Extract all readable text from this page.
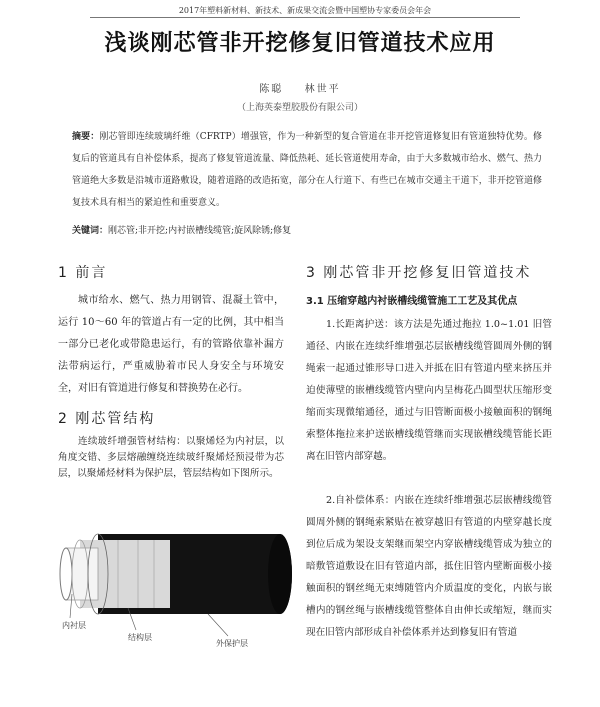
2017年塑料新材料、新技术、新成果交流会暨中国塑协专家委员会年会
浅谈刚芯管非开挖修复旧管道技术应用
陈聪 林世平
（上海英泰塑胶股份有限公司）
摘要：刚芯管即连续玻璃纤维（CFRTP）增强管，作为一种新型的复合管道在非开挖管道修复旧有管道独特优势。修复后的管道具有自补偿体系，提高了修复管道流量、降低热耗、延长管道使用寿命，由于大多数城市给水、燃气、热力管道绝大多数是沿城市道路敷设，随着道路的改造拓宽，部分在人行道下、有些已在城市交通主干道下，非开挖管道修复技术具有相当的紧迫性和重要意义。
关键词：刚芯管;非开挖;内衬嵌槽线缆管;旋风除锈;修复
1 前言
城市给水、燃气、热力用钢管、混凝土管中，运行 10～60 年的管道占有一定的比例，其中相当一部分已老化或带隐患运行，有的管路依靠补漏方法带病运行，严重威胁着市民人身安全与环境安全，对旧有管道进行修复和替换势在必行。
2 刚芯管结构
连续玻纤增强管材结构：以聚烯烃为内衬层，以角度交错、多层熔融缠绕连续玻纤聚烯烃预浸带为芯层，以聚烯烃材料为保护层，管层结构如下图所示。
内衬层
结构层
外保护层
3 刚芯管非开挖修复旧管道技术
3.1 压缩穿越内衬嵌槽线缆管施工工艺及其优点
1.长距离护送：该方法是先通过拖拉 1.0~1.01 旧管通径、内嵌在连续纤维增强芯层嵌槽线缆管圆周外侧的钢绳索一起通过锥形导口进入并抵在旧有管道内壁来挤压并迫使薄壁的嵌槽线缆管内壁向内呈梅花凸圆型状压缩形变缩而实现微缩通径，通过与旧管断面极小接触面积的钢绳索整体拖拉来护送嵌槽线缆管继而实现嵌槽线缆管能长距离在旧管内部穿越。
2.自补偿体系：内嵌在连续纤维增强芯层嵌槽线缆管圆周外侧的钢绳索紧贴在被穿越旧有管道的内壁穿越长度到位后成为架设支架继而架空内穿嵌槽线缆管成为独立的暗敷管道敷设在旧有管道内部，抵住旧管内壁断面极小接触面积的钢丝绳无束缚随管内介质温度的变化，内嵌与嵌槽内的钢丝绳与嵌槽线缆管整体自由伸长或缩短，继而实现在旧管内部形成自补偿体系并达到修复旧有管道
